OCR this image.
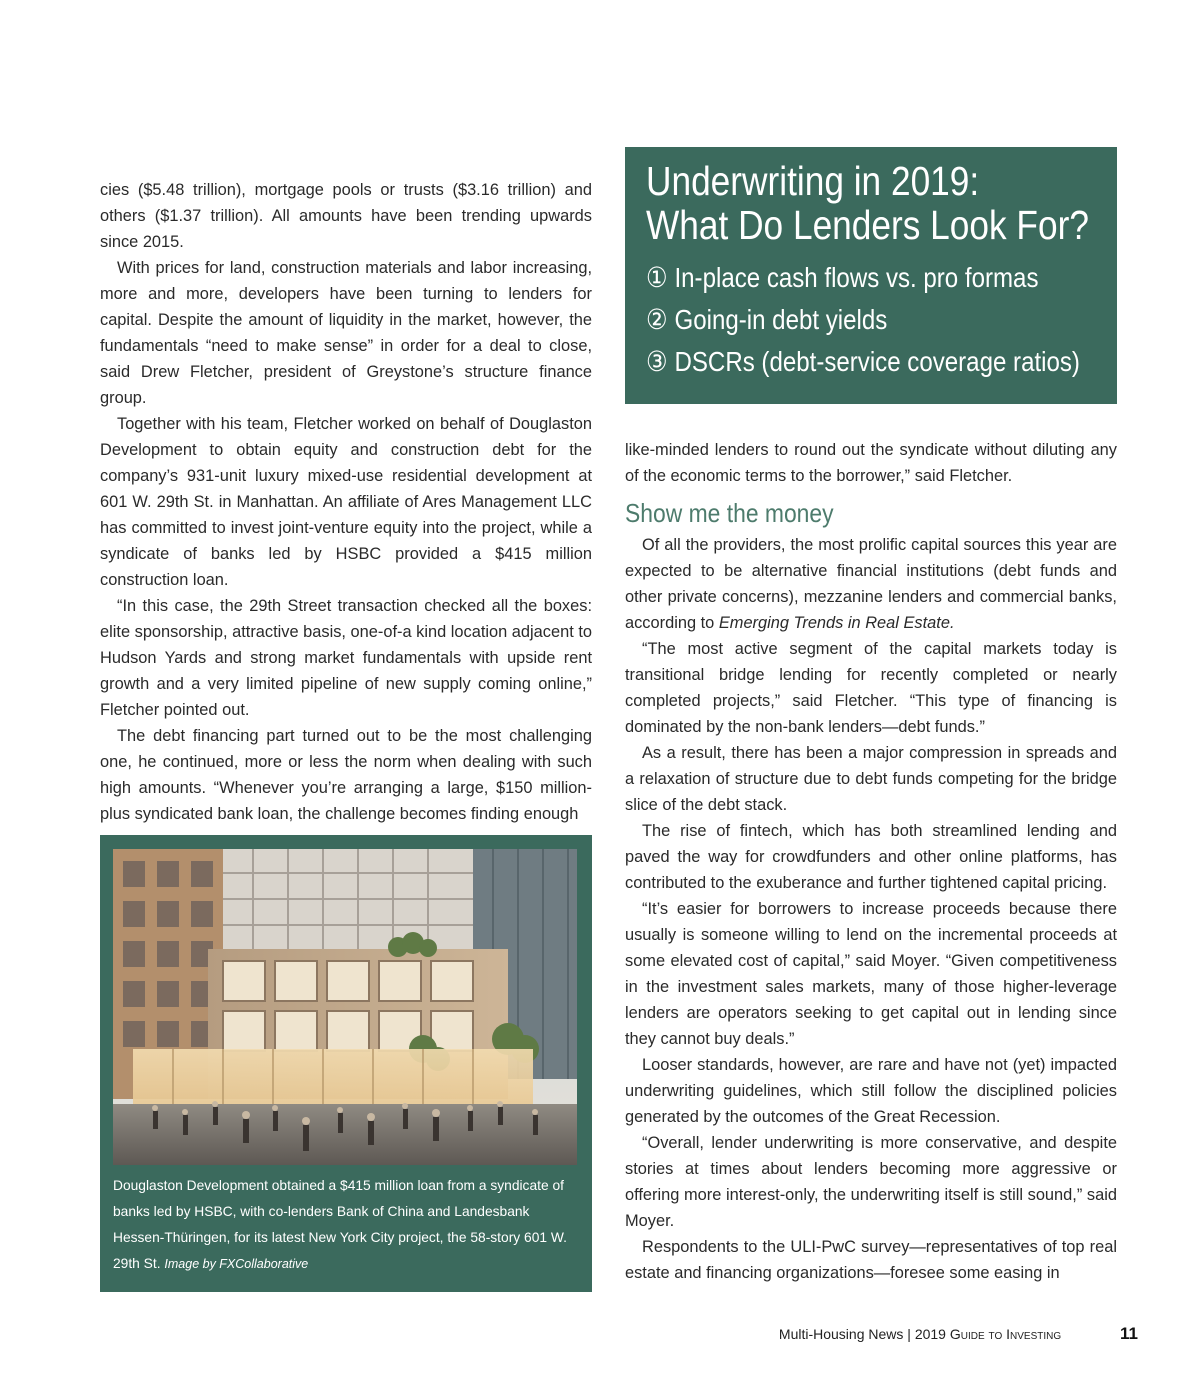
cies ($5.48 trillion), mortgage pools or trusts ($3.16 trillion) and others ($1.37 trillion). All amounts have been trending upwards since 2015.

With prices for land, construction materials and labor increasing, more and more, developers have been turning to lenders for capital. Despite the amount of liquidity in the market, however, the fundamentals “need to make sense” in order for a deal to close, said Drew Fletcher, president of Greystone’s structure finance group.

Together with his team, Fletcher worked on behalf of Douglaston Development to obtain equity and construction debt for the company’s 931-unit luxury mixed-use residential development at 601 W. 29th St. in Manhattan. An affiliate of Ares Management LLC has committed to invest joint-venture equity into the project, while a syndicate of banks led by HSBC provided a $415 million construction loan.

“In this case, the 29th Street transaction checked all the boxes: elite sponsorship, attractive basis, one-of-a kind location adjacent to Hudson Yards and strong market fundamentals with upside rent growth and a very limited pipeline of new supply coming online,” Fletcher pointed out.

The debt financing part turned out to be the most challenging one, he continued, more or less the norm when dealing with such high amounts. “Whenever you’re arranging a large, $150 million-plus syndicated bank loan, the challenge becomes finding enough

Underwriting in 2019:
What Do Lenders Look For?
① In-place cash flows vs. pro formas
② Going-in debt yields
③ DSCRs (debt-service coverage ratios)

like-minded lenders to round out the syndicate without diluting any of the economic terms to the borrower,” said Fletcher.

Show me the money

Of all the providers, the most prolific capital sources this year are expected to be alternative financial institutions (debt funds and other private concerns), mezzanine lenders and commercial banks, according to Emerging Trends in Real Estate.

“The most active segment of the capital markets today is transitional bridge lending for recently completed or nearly completed projects,” said Fletcher. “This type of financing is dominated by the non-bank lenders—debt funds.”

As a result, there has been a major compression in spreads and a relaxation of structure due to debt funds competing for the bridge slice of the debt stack.

The rise of fintech, which has both streamlined lending and paved the way for crowdfunders and other online platforms, has contributed to the exuberance and further tightened capital pricing.

“It’s easier for borrowers to increase proceeds because there usually is someone willing to lend on the incremental proceeds at some elevated cost of capital,” said Moyer. “Given competitiveness in the investment sales markets, many of those higher-leverage lenders are operators seeking to get capital out in lending since they cannot buy deals.”

Looser standards, however, are rare and have not (yet) impacted underwriting guidelines, which still follow the disciplined policies generated by the outcomes of the Great Recession.

“Overall, lender underwriting is more conservative, and despite stories at times about lenders becoming more aggressive or offering more interest-only, the underwriting itself is still sound,” said Moyer.

Respondents to the ULI-PwC survey—representatives of top real estate and financing organizations—foresee some easing in

Douglaston Development obtained a $415 million loan from a syndicate of banks led by HSBC, with co-lenders Bank of China and Landesbank Hessen-Thüringen, for its latest New York City project, the 58-story 601 W. 29th St. Image by FXCollaborative
Multi-Housing News | 2019 Guide to Investing	11
